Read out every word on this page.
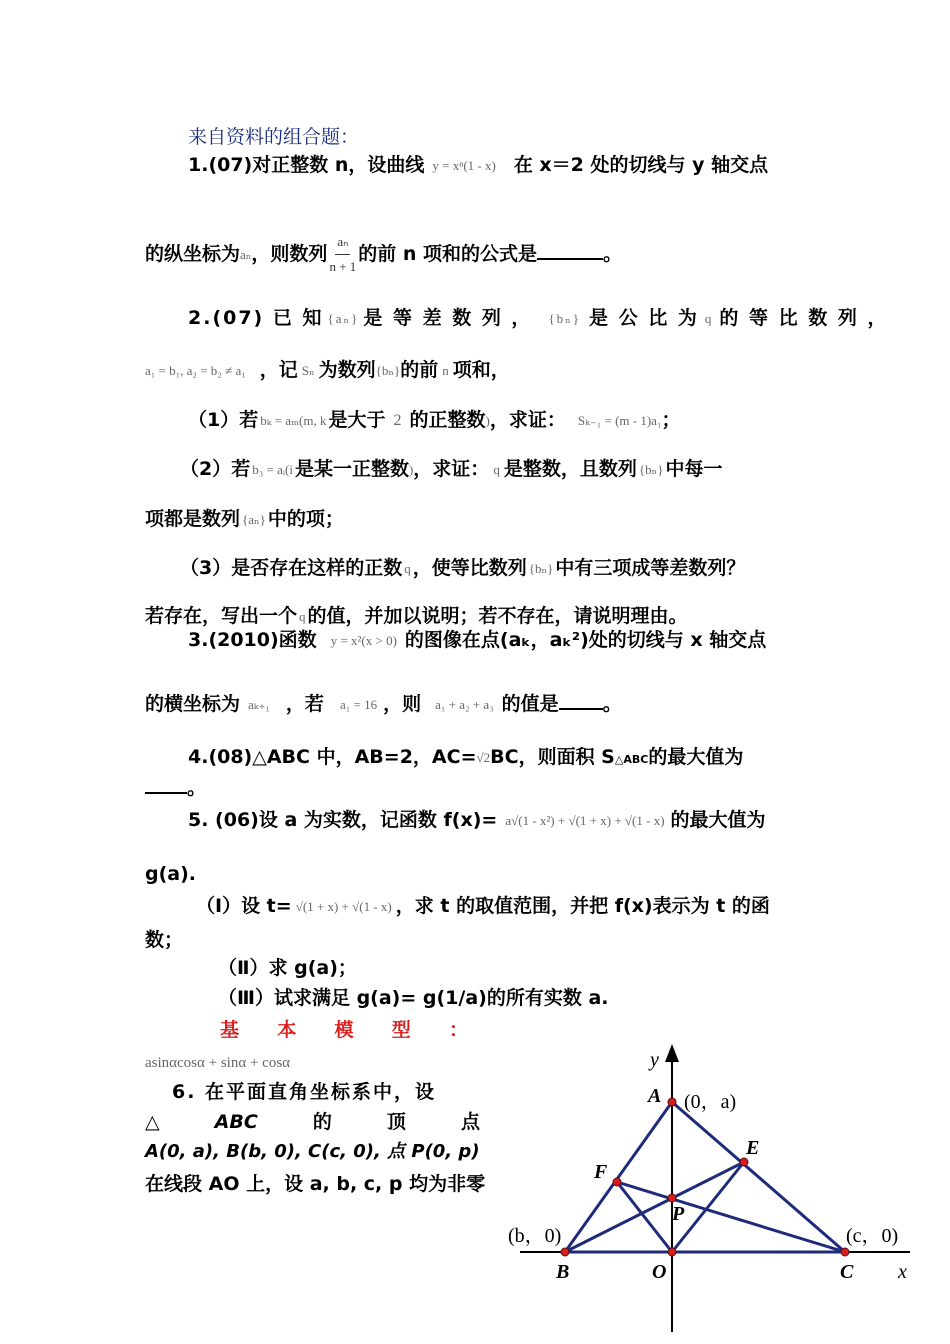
来自资料的组合题：
1.(07)对正整数 n，设曲线 y = xⁿ(1 - x) 在 x＝2 处的切线与 y 轴交点
的纵坐标为aₙ，则数列 $\frac{\text{aₙ}}{n + 1}$ 的前 n 项和的公式是	。
2.(07) 已 知 {aₙ} 是 等 差 数 列 ， {bₙ} 是 公 比 为 q 的 等 比 数 列 ，
a₁ = b₁, a₂ = b₂ ≠ a₁ ，记 Sₙ 为数列{bₙ}的前 n 项和，
（1）若 bₖ = aₘ(m, k 是大于 2 的正整数)，求证： Sₖ₋₁ = (m - 1)a₁；
（2）若 b₃ = aᵢ(i 是某一正整数)，求证： q 是整数，且数列 {bₙ} 中每一
项都是数列 {aₙ} 中的项；
（3）是否存在这样的正数 q ，使等比数列 {bₙ} 中有三项成等差数列？
若存在，写出一个 q 的值，并加以说明；若不存在，请说明理由。
3.(2010)函数 y = x²(x > 0) 的图像在点(aₖ，aₖ²)处的切线与 x 轴交点
的横坐标为 aₖ₊₁ ，若 a₁ = 16 ，则 a₁ + a₂ + a₃ 的值是 。
4.(08)△ABC 中，AB=2，AC=√2BC，则面积 S△ABC的最大值为
。
5. (06)设 a 为实数，记函数 f(x)= a√(1 - x²) + √(1 + x) + √(1 - x) 的最大值为
g(a).
（Ⅰ）设 t= √(1 + x) + √(1 - x) ，求 t 的取值范围，并把 f(x)表示为 t 的函
数；
（Ⅱ）求 g(a)；
（Ⅲ）试求满足 g(a)= g(1/a)的所有实数 a.
基 本 模 型 ：
asinαcosα + sinα + cosα
6. 在平面直角坐标系中，设
△	ABC	的	顶	点
A(0, a), B(b, 0), C(c, 0), 点 P(0, p)
在线段 AO 上，设 a, b, c, p 均为非零
y
x
A
B	C
O
E
F
P
(0，a)
(b，0)	(c，0)
